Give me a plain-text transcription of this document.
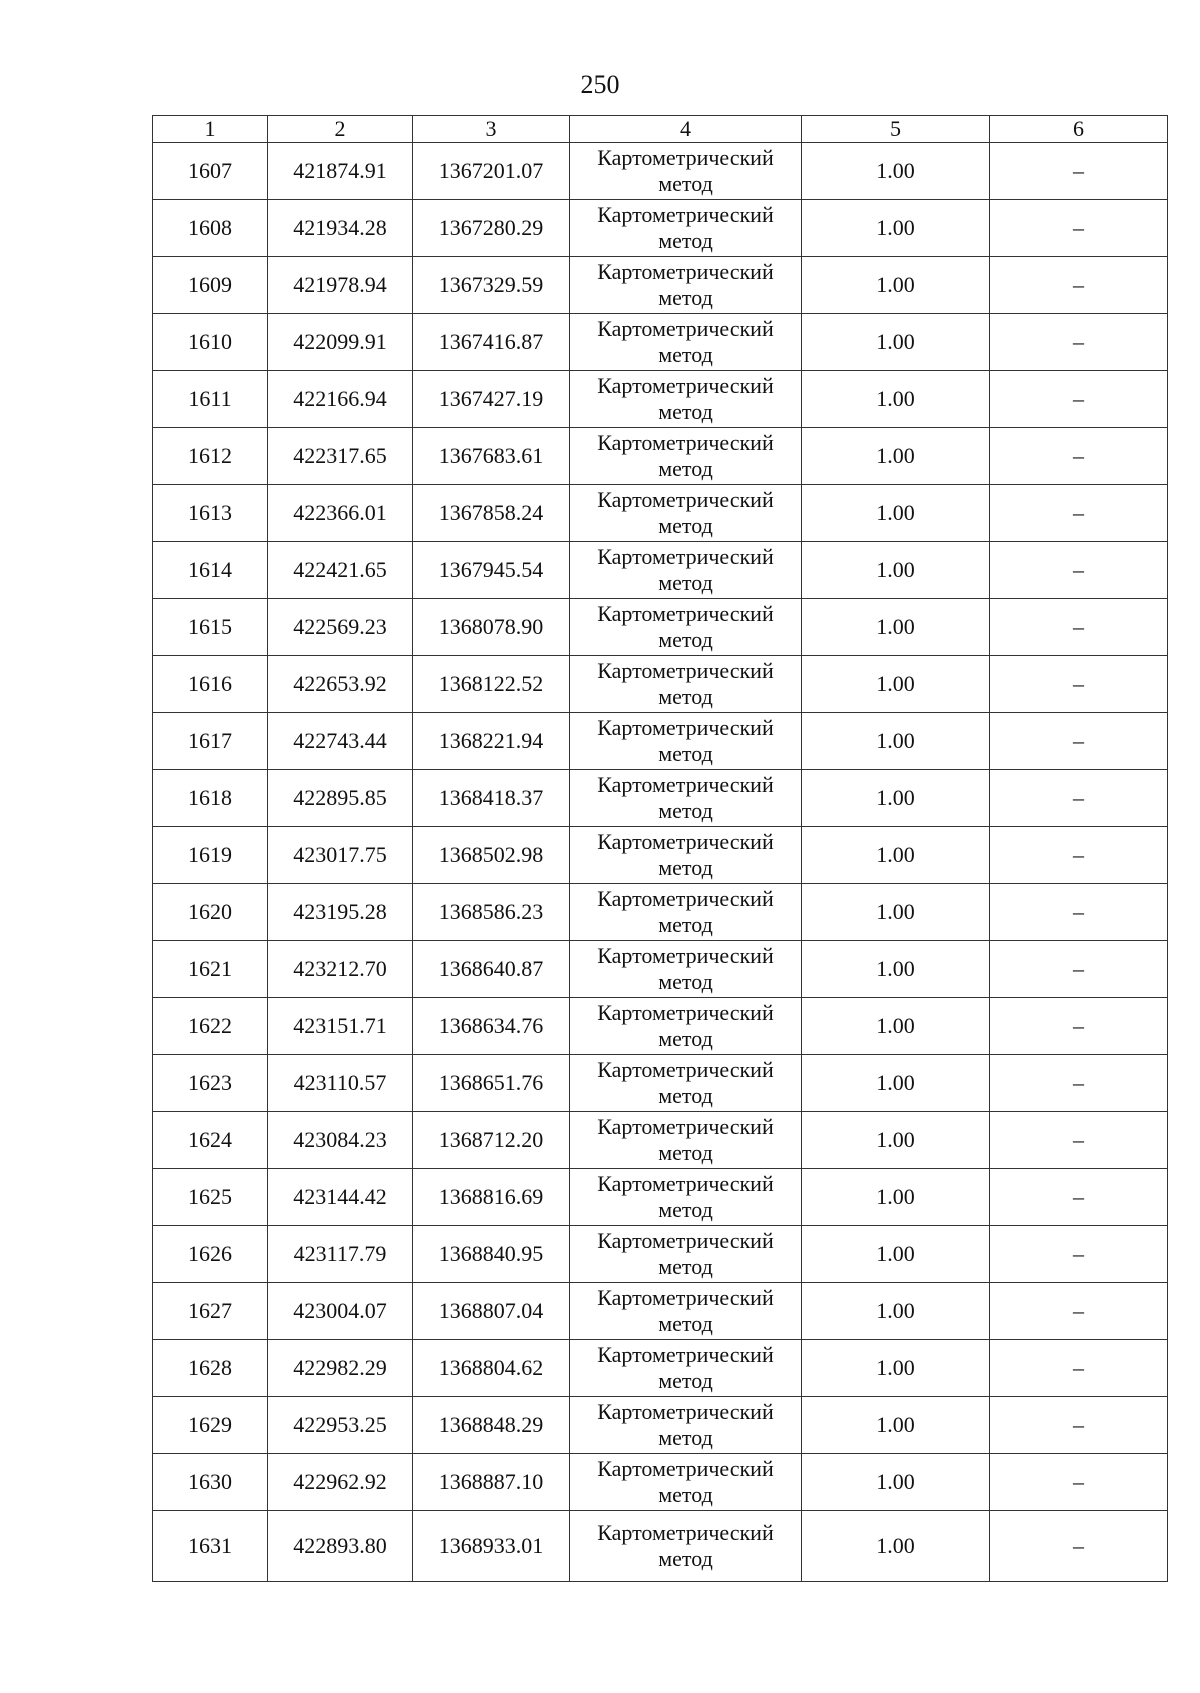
250
1	2	3	4	5	6
1607	421874.91	1367201.07	Картометрический метод	1.00	–
1608	421934.28	1367280.29	Картометрический метод	1.00	–
1609	421978.94	1367329.59	Картометрический метод	1.00	–
1610	422099.91	1367416.87	Картометрический метод	1.00	–
1611	422166.94	1367427.19	Картометрический метод	1.00	–
1612	422317.65	1367683.61	Картометрический метод	1.00	–
1613	422366.01	1367858.24	Картометрический метод	1.00	–
1614	422421.65	1367945.54	Картометрический метод	1.00	–
1615	422569.23	1368078.90	Картометрический метод	1.00	–
1616	422653.92	1368122.52	Картометрический метод	1.00	–
1617	422743.44	1368221.94	Картометрический метод	1.00	–
1618	422895.85	1368418.37	Картометрический метод	1.00	–
1619	423017.75	1368502.98	Картометрический метод	1.00	–
1620	423195.28	1368586.23	Картометрический метод	1.00	–
1621	423212.70	1368640.87	Картометрический метод	1.00	–
1622	423151.71	1368634.76	Картометрический метод	1.00	–
1623	423110.57	1368651.76	Картометрический метод	1.00	–
1624	423084.23	1368712.20	Картометрический метод	1.00	–
1625	423144.42	1368816.69	Картометрический метод	1.00	–
1626	423117.79	1368840.95	Картометрический метод	1.00	–
1627	423004.07	1368807.04	Картометрический метод	1.00	–
1628	422982.29	1368804.62	Картометрический метод	1.00	–
1629	422953.25	1368848.29	Картометрический метод	1.00	–
1630	422962.92	1368887.10	Картометрический метод	1.00	–
1631	422893.80	1368933.01	Картометрический метод	1.00	–
